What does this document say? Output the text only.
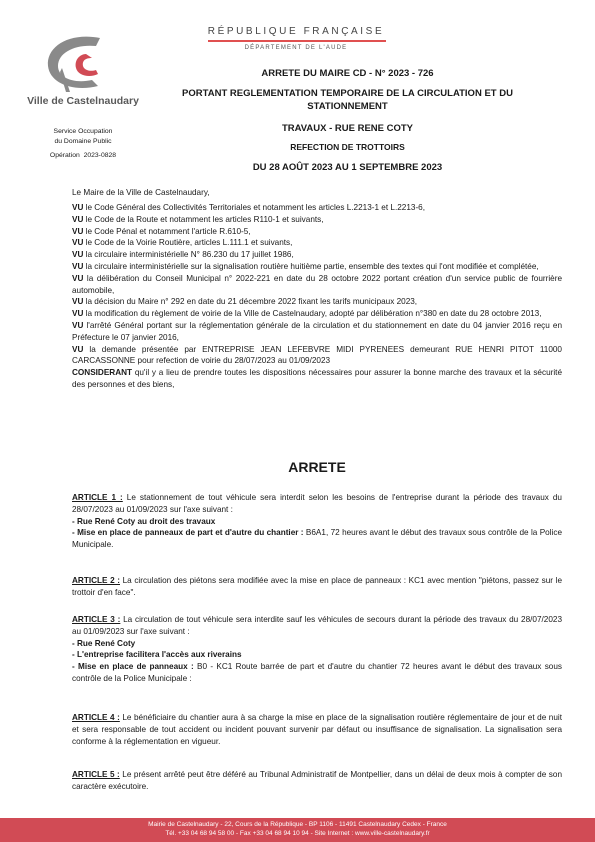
Ville de Castelnaudary
Service Occupation
du Domaine Public
Opération 2023-0828
RÉPUBLIQUE FRANÇAISE
DÉPARTEMENT DE L'AUDE
ARRETE DU MAIRE CD - N° 2023 - 726
PORTANT REGLEMENTATION TEMPORAIRE DE LA CIRCULATION ET DU STATIONNEMENT
TRAVAUX - RUE RENE COTY
REFECTION DE TROTTOIRS
DU 28 AOÛT 2023 AU 1 SEPTEMBRE 2023
Le Maire de la Ville de Castelnaudary,

VU le Code Général des Collectivités Territoriales et notamment les articles L.2213-1 et L.2213-6,

VU le Code de la Route et notamment les articles R110-1 et suivants,

VU le Code Pénal et notamment l'article R.610-5,

VU le Code de la Voirie Routière, articles L.111.1 et suivants,

VU la circulaire interministérielle N° 86.230 du 17 juillet 1986,

VU la circulaire interministérielle sur la signalisation routière huitième partie, ensemble des textes qui l'ont modifiée et complétée,

VU la délibération du Conseil Municipal n° 2022-221 en date du 28 octobre 2022 portant création d'un service public de fourrière automobile,

VU la décision du Maire n° 292 en date du 21 décembre 2022 fixant les tarifs municipaux 2023,

VU la modification du règlement de voirie de la Ville de Castelnaudary, adopté par délibération n°380 en date du 28 octobre 2013,

VU l'arrêté Général portant sur la réglementation générale de la circulation et du stationnement en date du 04 janvier 2016 reçu en Préfecture le 07 janvier 2016,

VU la demande présentée par ENTREPRISE JEAN LEFEBVRE MIDI PYRENEES demeurant RUE HENRI PITOT 11000 CARCASSONNE pour refection de voirie du 28/07/2023 au 01/09/2023

CONSIDERANT qu'il y a lieu de prendre toutes les dispositions nécessaires pour assurer la bonne marche des travaux et la sécurité des personnes et des biens,

ARRETE

ARTICLE 1 : Le stationnement de tout véhicule sera interdit selon les besoins de l'entreprise durant la période des travaux du 28/07/2023 au 01/09/2023 sur l'axe suivant :

- Rue René Coty au droit des travaux

- Mise en place de panneaux de part et d'autre du chantier : B6A1, 72 heures avant le début des travaux sous contrôle de la Police Municipale.

ARTICLE 2 : La circulation des piétons sera modifiée avec la mise en place de panneaux : KC1 avec mention "piétons, passez sur le trottoir d'en face".

ARTICLE 3 : La circulation de tout véhicule sera interdite sauf les véhicules de secours durant la période des travaux du 28/07/2023 au 01/09/2023 sur l'axe suivant :

- Rue René Coty

- L'entreprise facilitera l'accès aux riverains

- Mise en place de panneaux : B0 - KC1 Route barrée de part et d'autre du chantier 72 heures avant le début des travaux sous contrôle de la Police Municipale :

ARTICLE 4 : Le bénéficiaire du chantier aura à sa charge la mise en place de la signalisation routière réglementaire de jour et de nuit et sera responsable de tout accident ou incident pouvant survenir par défaut ou insuffisance de signalisation. La signalisation sera conforme à la réglementation en vigueur.

ARTICLE 5 : Le présent arrêté peut être déféré au Tribunal Administratif de Montpellier, dans un délai de deux mois à compter de son caractère exécutoire.

Mairie de Castelnaudary - 22, Cours de la République - BP 1106 - 11491 Castelnaudary Cedex - France
Tél. +33 04 68 94 58 00 - Fax +33 04 68 94 10 94 - Site Internet : www.ville-castelnaudary.fr
